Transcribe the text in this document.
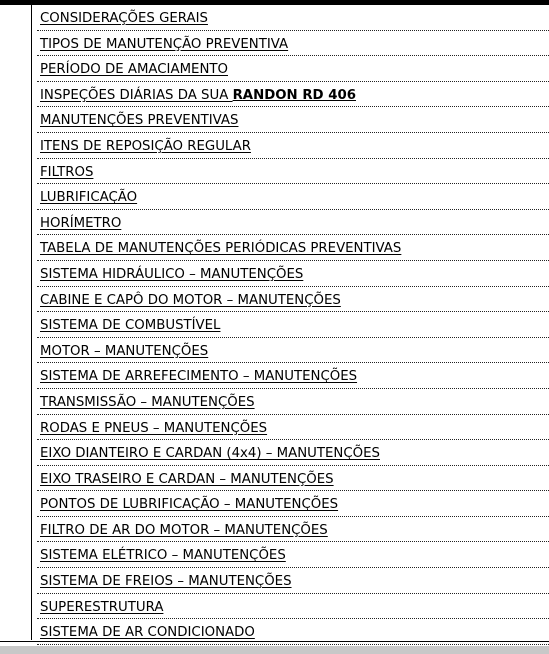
CONSIDERAÇÕES GERAIS
TIPOS DE MANUTENÇÃO PREVENTIVA
PERÍODO DE AMACIAMENTO
INSPEÇÕES DIÁRIAS DA SUA RANDON RD 406
MANUTENÇÕES PREVENTIVAS
ITENS DE REPOSIÇÃO REGULAR
FILTROS
LUBRIFICAÇÃO
HORÍMETRO
TABELA DE MANUTENÇÕES PERIÓDICAS PREVENTIVAS
SISTEMA HIDRÁULICO – MANUTENÇÕES
CABINE E CAPÔ DO MOTOR – MANUTENÇÕES
SISTEMA DE COMBUSTÍVEL
MOTOR – MANUTENÇÕES
SISTEMA DE ARREFECIMENTO – MANUTENÇÕES
TRANSMISSÃO – MANUTENÇÕES
RODAS E PNEUS – MANUTENÇÕES
EIXO DIANTEIRO E CARDAN (4x4) – MANUTENÇÕES
EIXO TRASEIRO E CARDAN – MANUTENÇÕES
PONTOS DE LUBRIFICAÇÃO – MANUTENÇÕES
FILTRO DE AR DO MOTOR – MANUTENÇÕES
SISTEMA ELÉTRICO – MANUTENÇÕES
SISTEMA DE FREIOS – MANUTENÇÕES
SUPERESTRUTURA
SISTEMA DE AR CONDICIONADO
